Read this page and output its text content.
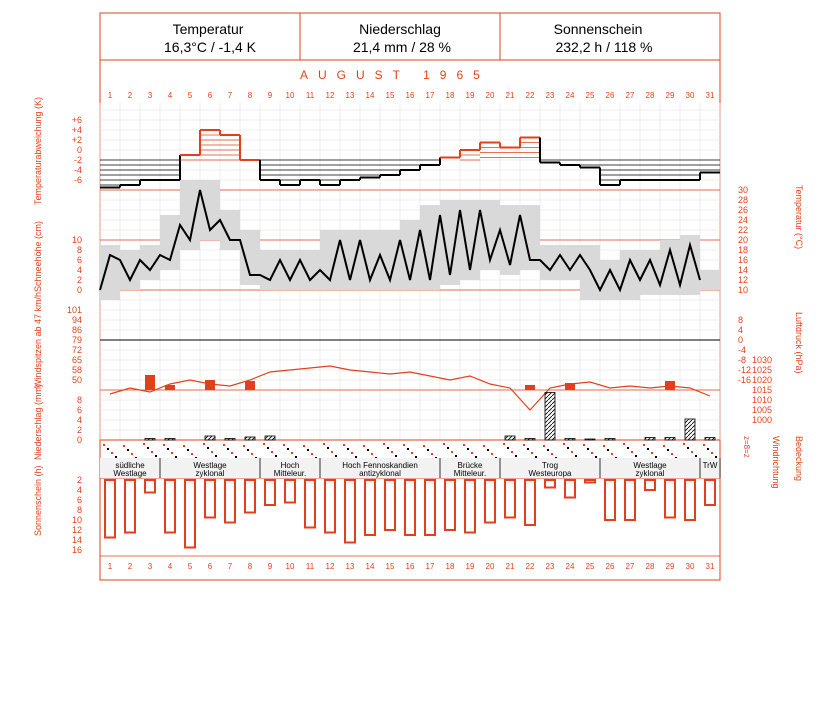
Temperatur
16,3°C / -1,4 K
Niederschlag
21,4 mm / 28 %
Sonnenschein
232,2 h / 118 %
AUGUST 1965
1 2 3 4 5 6 7 8 9 10 11 12 13 14 15 16 17 18 19 20 21 22 23 24 25 26 27 28 29 30 31
1 2 3 4 5 6 7 8 9 10 11 12 13 14 15 16 17 18 19 20 21 22 23 24 25 26 27 28 29 30 31
Temperaturabweichung (K)
Schneehöhe (cm)
Windspitzen ab 47 km/h
Niederschlag (mm)
Sonnenschein (h)
Temperatur (°C)
Luftdruck (hPa)
Windrichtung Bedeckung
z=8=z
+6
+4
+2
0
-2
-4
-6
10
8
6
4
2
0
101
94
86
79
72
65
58
50
8
6
4
2
0
2
4
6
8
10
12
14
16
30
28
26
24
22
20
18
16
14
12
10
8
4
0
-4
-8
-12
-16
1030
1025
1020
1015
1010
1005
1000
südliche
Westlage
Westlage
zyklonal
Hoch
Mitteleur.
Hoch Fennoskandien
antizyklonal
Brücke
Mitteleur.
Trog
Westeuropa
Westlage
zyklonal
TrW
